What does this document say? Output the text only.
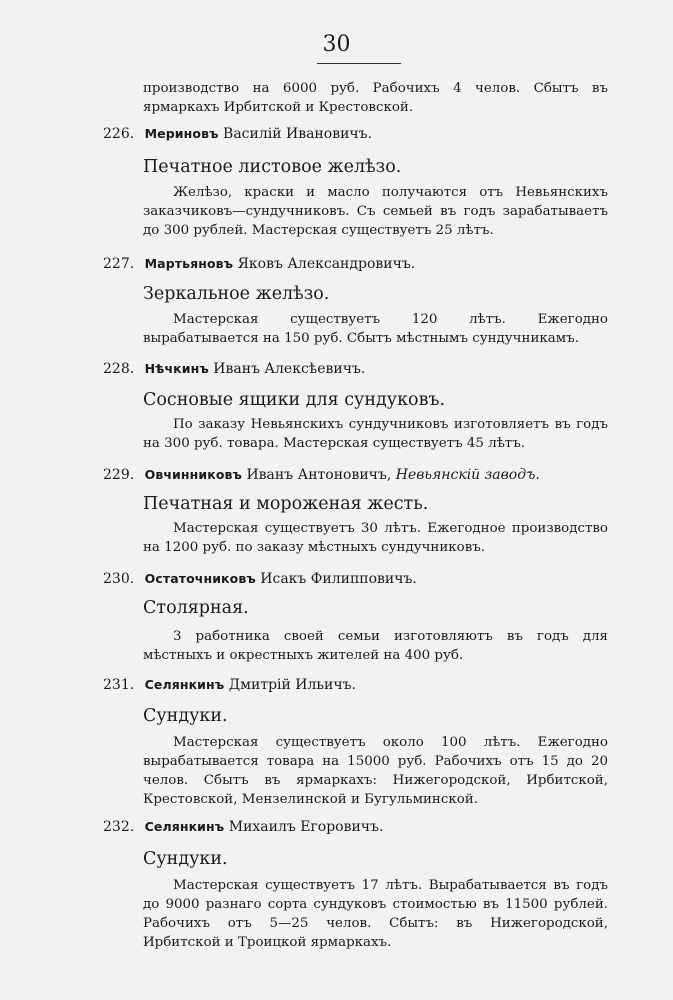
30
производство на 6000 руб. Рабочихъ 4 челов. Сбытъ въ ярмаркахъ Ирбитской и Крестовской.
226. Мериновъ Василій Ивановичъ.
Печатное листовое желѣзо.
Желѣзо, краски и масло получаются отъ Невьянскихъ заказчиковъ—сундучниковъ. Съ семьей въ годъ зарабатываетъ до 300 рублей. Мастерская существуетъ 25 лѣтъ.
227. Мартьяновъ Яковъ Александровичъ.
Зеркальное желѣзо.
Мастерская существуетъ 120 лѣтъ. Ежегодно вырабатывается на 150 руб. Сбытъ мѣстнымъ сундучникамъ.
228. Нѣчкинъ Иванъ Алексѣевичъ.
Сосновые ящики для сундуковъ.
По заказу Невьянскихъ сундучниковъ изготовляетъ въ годъ на 300 руб. товара. Мастерская существуетъ 45 лѣтъ.
229. Овчинниковъ Иванъ Антоновичъ, Невьянскій заводъ.
Печатная и мороженая жесть.
Мастерская существуетъ 30 лѣтъ. Ежегодное производство на 1200 руб. по заказу мѣстныхъ сундучниковъ.
230. Остаточниковъ Исакъ Филипповичъ.
Столярная.
3 работника своей семьи изготовляютъ въ годъ для мѣстныхъ и окрестныхъ жителей на 400 руб.
231. Селянкинъ Дмитрій Ильичъ.
Сундуки.
Мастерская существуетъ около 100 лѣтъ. Ежегодно вырабатывается товара на 15000 руб. Рабочихъ отъ 15 до 20 челов. Сбытъ въ ярмаркахъ: Нижегородской, Ирбитской, Крестовской, Мензелинской и Бугульминской.
232. Селянкинъ Михаилъ Егоровичъ.
Сундуки.
Мастерская существуетъ 17 лѣтъ. Вырабатывается въ годъ до 9000 разнаго сорта сундуковъ стоимостью въ 11500 рублей. Рабочихъ отъ 5—25 челов. Сбытъ: въ Нижегородской, Ирбитской и Троицкой ярмаркахъ.
